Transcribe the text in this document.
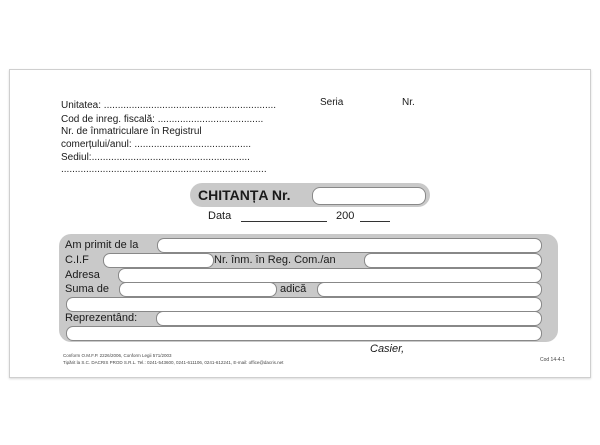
Unitatea: ..............................................................
Cod de inreg. fiscală: ......................................
Nr. de înmatriculare în Registrul
comerțului/anul: ..........................................
Sediul:.........................................................
..........................................................................
Seria	Nr.
CHITANȚA Nr.
Data	200
Am primit de la
C.I.F	Nr. înm. în Reg. Com./an
Adresa
Suma de	adică
Reprezentând:
Casier,
Conform O.M.F.P. 2226/2006, Conform Legii 571/2003
Tipărit la S.C. DACRIS PROD S.R.L. Tel.: 0241-543600, 0241-611106, 0241-612241, E-mail: office@dacris.net	Cod 14-4-1
